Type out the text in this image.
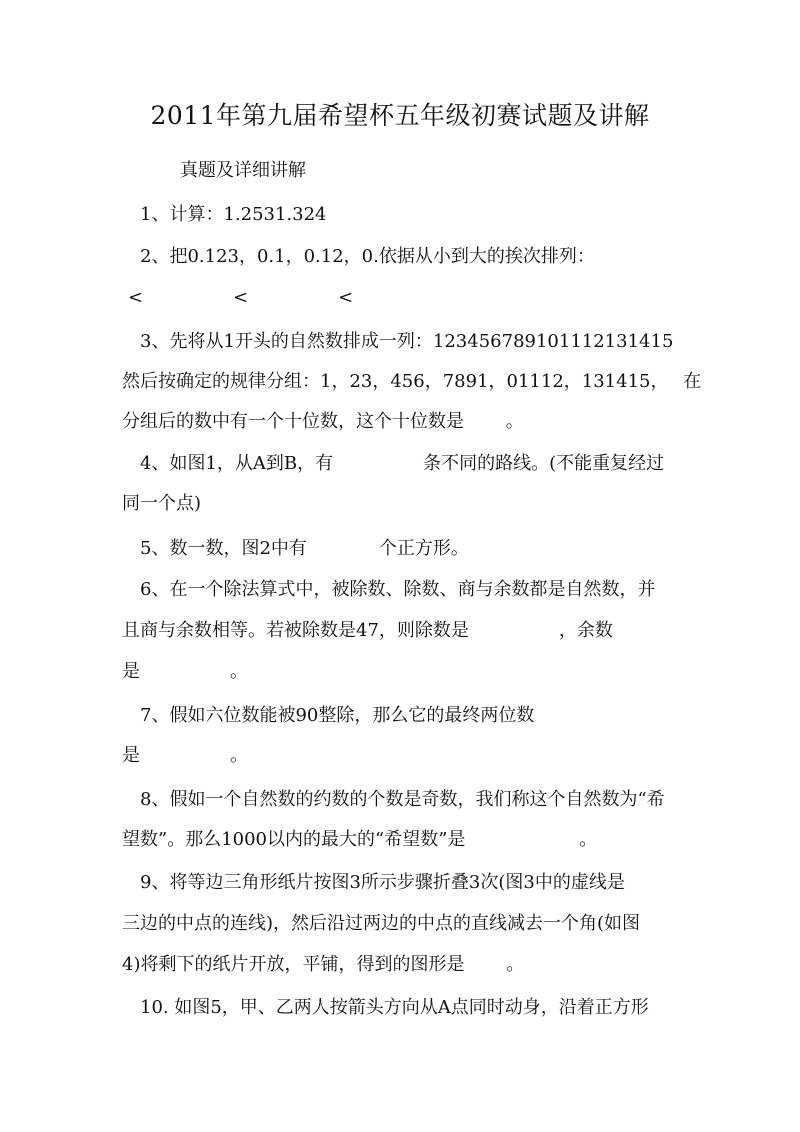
2011年第九届希望杯五年级初赛试题及讲解
真题及详细讲解
1、计算：1.2531.324
2、把0.123，0.1，0.12，0.依据从小到大的挨次排列：
<　　　　　<　　　　　<
3、先将从1开头的自然数排成一列：123456789101112131415
然后按确定的规律分组：1，23，456，7891，01112，131415，　 在
分组后的数中有一个十位数，这个十位数是　　 。
4、如图1，从A到B，有　　　　　条不同的路线。(不能重复经过
同一个点)
5、数一数，图2中有　　　　个正方形。
6、在一个除法算式中，被除数、除数、商与余数都是自然数，并
且商与余数相等。若被除数是47，则除数是　　　　　，余数
是　　　　　。
7、假如六位数能被90整除，那么它的最终两位数
是　　　　　。
8、假如一个自然数的约数的个数是奇数，我们称这个自然数为“希
望数”。那么1000以内的最大的“希望数”是　　　　　　 。
9、将等边三角形纸片按图3所示步骤折叠3次(图3中的虚线是
三边的中点的连线)，然后沿过两边的中点的直线减去一个角(如图
4)将剩下的纸片开放，平铺，得到的图形是　　 。
10. 如图5，甲、乙两人按箭头方向从A点同时动身，沿着正方形
